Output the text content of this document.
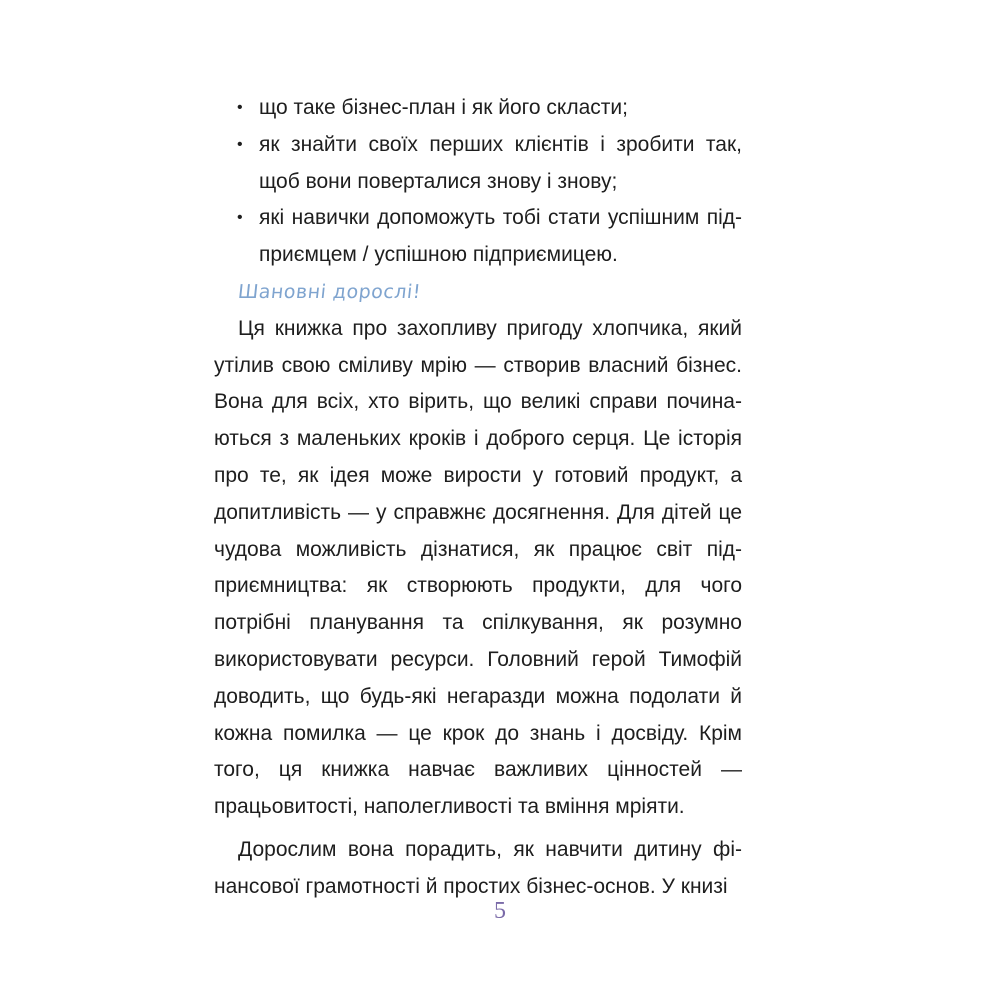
• що таке бізнес-план і як його скласти;
• як знайти своїх перших клієнтів і зробити так, щоб вони поверталися знову і знову;
• які навички допоможуть тобі стати успішним підприємцем / успішною підприємицею.
Шановні дорослі!

Ця книжка про захопливу пригоду хлопчика, який утілив свою сміливу мрію — створив власний бізнес. Вона для всіх, хто вірить, що великі справи починаються з маленьких кроків і доброго серця. Це історія про те, як ідея може вирости у готовий продукт, а допитливість — у справжнє досягнення. Для дітей це чудова можливість дізнатися, як працює світ підприємництва: як створюють продукти, для чого потрібні планування та спілкування, як розумно використовувати ресурси. Головний герой Тимофій доводить, що будь-які негаразди можна подолати й кожна помилка — це крок до знань і досвіду. Крім того, ця книжка навчає важливих цінностей — працьовитості, наполегливості та вміння мріяти.

Дорослим вона порадить, як навчити дитину фінансової грамотності й простих бізнес-основ. У книзі

5
